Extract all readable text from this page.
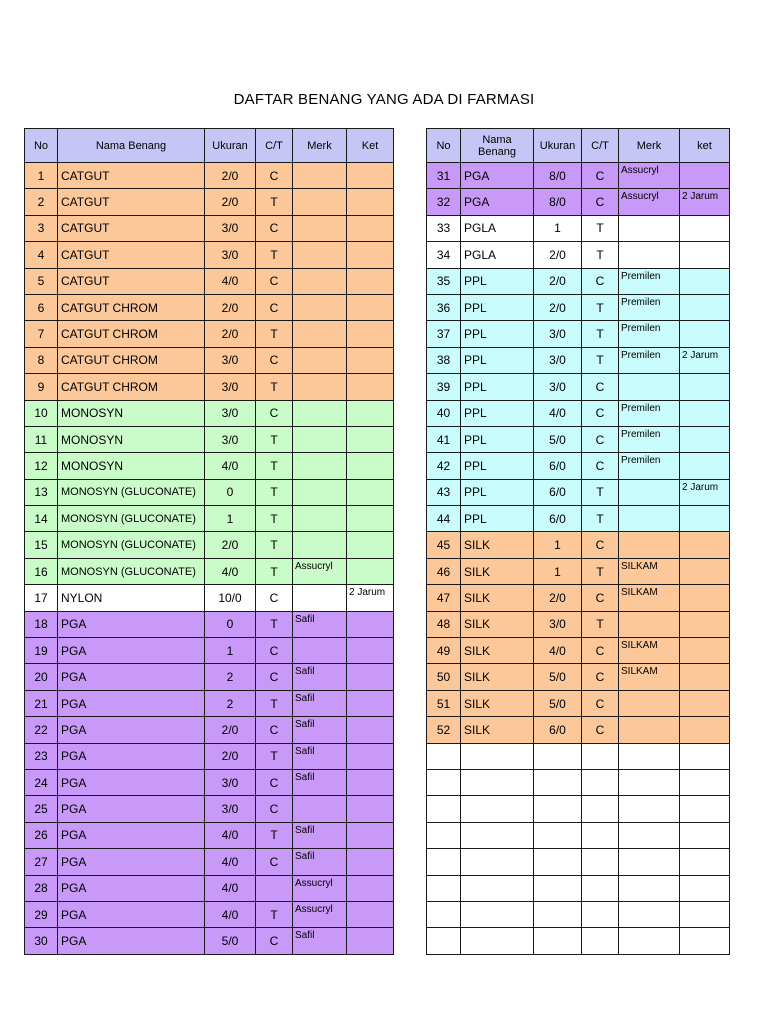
DAFTAR BENANG YANG ADA DI FARMASI
No	Nama Benang	Ukuran	C/T	Merk	Ket
1	CATGUT	2/0	C		
2	CATGUT	2/0	T		
3	CATGUT	3/0	C		
4	CATGUT	3/0	T		
5	CATGUT	4/0	C		
6	CATGUT CHROM	2/0	C		
7	CATGUT CHROM	2/0	T		
8	CATGUT CHROM	3/0	C		
9	CATGUT CHROM	3/0	T		
10	MONOSYN	3/0	C		
11	MONOSYN	3/0	T		
12	MONOSYN	4/0	T		
13	MONOSYN (GLUCONATE)	0	T		
14	MONOSYN (GLUCONATE)	1	T		
15	MONOSYN (GLUCONATE)	2/0	T		
16	MONOSYN (GLUCONATE)	4/0	T	Assucryl	
17	NYLON	10/0	C		2 Jarum
18	PGA	0	T	Safil	
19	PGA	1	C		
20	PGA	2	C	Safil	
21	PGA	2	T	Safil	
22	PGA	2/0	C	Safil	
23	PGA	2/0	T	Safil	
24	PGA	3/0	C	Safil	
25	PGA	3/0	C		
26	PGA	4/0	T	Safil	
27	PGA	4/0	C	Safil	
28	PGA	4/0		Assucryl	
29	PGA	4/0	T	Assucryl	
30	PGA	5/0	C	Safil	
No	Nama Benang	Ukuran	C/T	Merk	ket
31	PGA	8/0	C	Assucryl	
32	PGA	8/0	C	Assucryl	2 Jarum
33	PGLA	1	T		
34	PGLA	2/0	T		
35	PPL	2/0	C	Premilen	
36	PPL	2/0	T	Premilen	
37	PPL	3/0	T	Premilen	
38	PPL	3/0	T	Premilen	2 Jarum
39	PPL	3/0	C		
40	PPL	4/0	C	Premilen	
41	PPL	5/0	C	Premilen	
42	PPL	6/0	C	Premilen	
43	PPL	6/0	T		2 Jarum
44	PPL	6/0	T		
45	SILK	1	C		
46	SILK	1	T	SILKAM	
47	SILK	2/0	C	SILKAM	
48	SILK	3/0	T		
49	SILK	4/0	C	SILKAM	
50	SILK	5/0	C	SILKAM	
51	SILK	5/0	C		
52	SILK	6/0	C		
